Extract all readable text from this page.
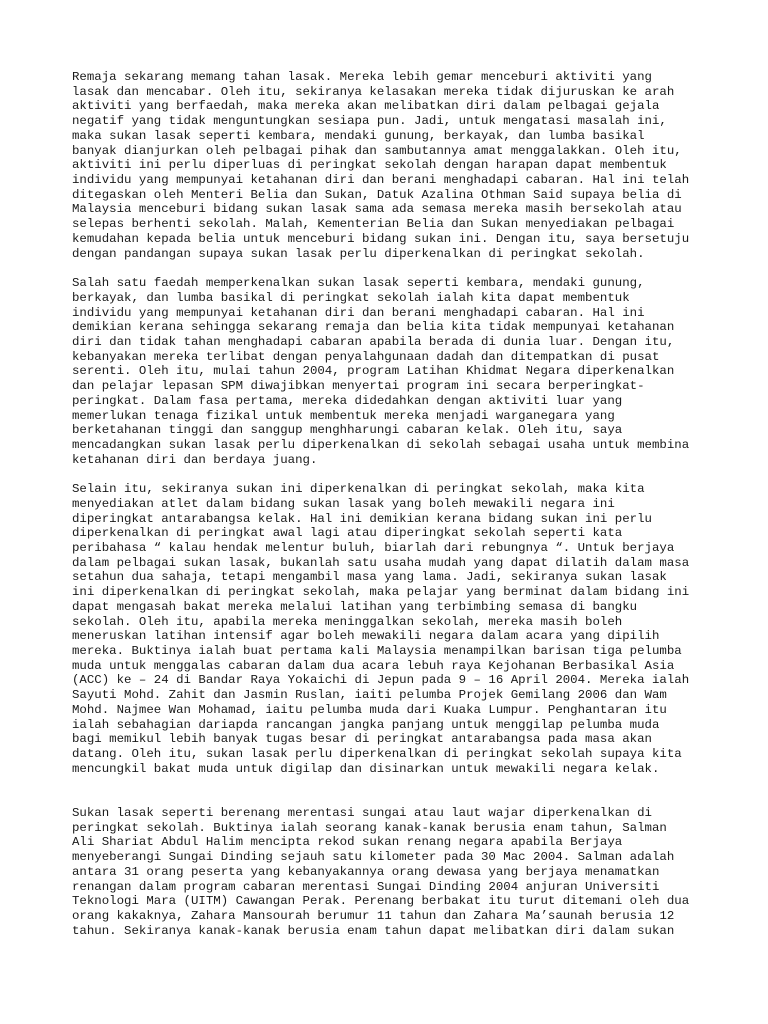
Remaja sekarang memang tahan lasak. Mereka lebih gemar menceburi aktiviti yang
lasak dan mencabar. Oleh itu, sekiranya kelasakan mereka tidak dijuruskan ke arah
aktiviti yang berfaedah, maka mereka akan melibatkan diri dalam pelbagai gejala
negatif yang tidak menguntungkan sesiapa pun. Jadi, untuk mengatasi masalah ini,
maka sukan lasak seperti kembara, mendaki gunung, berkayak, dan lumba basikal
banyak dianjurkan oleh pelbagai pihak dan sambutannya amat menggalakkan. Oleh itu,
aktiviti ini perlu diperluas di peringkat sekolah dengan harapan dapat membentuk
individu yang mempunyai ketahanan diri dan berani menghadapi cabaran. Hal ini telah
ditegaskan oleh Menteri Belia dan Sukan, Datuk Azalina Othman Said supaya belia di
Malaysia menceburi bidang sukan lasak sama ada semasa mereka masih bersekolah atau
selepas berhenti sekolah. Malah, Kementerian Belia dan Sukan menyediakan pelbagai
kemudahan kepada belia untuk menceburi bidang sukan ini. Dengan itu, saya bersetuju
dengan pandangan supaya sukan lasak perlu diperkenalkan di peringkat sekolah.

Salah satu faedah memperkenalkan sukan lasak seperti kembara, mendaki gunung,
berkayak, dan lumba basikal di peringkat sekolah ialah kita dapat membentuk
individu yang mempunyai ketahanan diri dan berani menghadapi cabaran. Hal ini
demikian kerana sehingga sekarang remaja dan belia kita tidak mempunyai ketahanan
diri dan tidak tahan menghadapi cabaran apabila berada di dunia luar. Dengan itu,
kebanyakan mereka terlibat dengan penyalahgunaan dadah dan ditempatkan di pusat
serenti. Oleh itu, mulai tahun 2004, program Latihan Khidmat Negara diperkenalkan
dan pelajar lepasan SPM diwajibkan menyertai program ini secara berperingkat-
peringkat. Dalam fasa pertama, mereka didedahkan dengan aktiviti luar yang
memerlukan tenaga fizikal untuk membentuk mereka menjadi warganegara yang
berketahanan tinggi dan sanggup menghharungi cabaran kelak. Oleh itu, saya
mencadangkan sukan lasak perlu diperkenalkan di sekolah sebagai usaha untuk membina
ketahanan diri dan berdaya juang.

Selain itu, sekiranya sukan ini diperkenalkan di peringkat sekolah, maka kita
menyediakan atlet dalam bidang sukan lasak yang boleh mewakili negara ini
diperingkat antarabangsa kelak. Hal ini demikian kerana bidang sukan ini perlu
diperkenalkan di peringkat awal lagi atau diperingkat sekolah seperti kata
peribahasa “ kalau hendak melentur buluh, biarlah dari rebungnya “. Untuk berjaya
dalam pelbagai sukan lasak, bukanlah satu usaha mudah yang dapat dilatih dalam masa
setahun dua sahaja, tetapi mengambil masa yang lama. Jadi, sekiranya sukan lasak
ini diperkenalkan di peringkat sekolah, maka pelajar yang berminat dalam bidang ini
dapat mengasah bakat mereka melalui latihan yang terbimbing semasa di bangku
sekolah. Oleh itu, apabila mereka meninggalkan sekolah, mereka masih boleh
meneruskan latihan intensif agar boleh mewakili negara dalam acara yang dipilih
mereka. Buktinya ialah buat pertama kali Malaysia menampilkan barisan tiga pelumba
muda untuk menggalas cabaran dalam dua acara lebuh raya Kejohanan Berbasikal Asia
(ACC) ke – 24 di Bandar Raya Yokaichi di Jepun pada 9 – 16 April 2004. Mereka ialah
Sayuti Mohd. Zahit dan Jasmin Ruslan, iaiti pelumba Projek Gemilang 2006 dan Wam
Mohd. Najmee Wan Mohamad, iaitu pelumba muda dari Kuaka Lumpur. Penghantaran itu
ialah sebahagian dariapda rancangan jangka panjang untuk menggilap pelumba muda
bagi memikul lebih banyak tugas besar di peringkat antarabangsa pada masa akan
datang. Oleh itu, sukan lasak perlu diperkenalkan di peringkat sekolah supaya kita
mencungkil bakat muda untuk digilap dan disinarkan untuk mewakili negara kelak.

Sukan lasak seperti berenang merentasi sungai atau laut wajar diperkenalkan di
peringkat sekolah. Buktinya ialah seorang kanak-kanak berusia enam tahun, Salman
Ali Shariat Abdul Halim mencipta rekod sukan renang negara apabila Berjaya
menyeberangi Sungai Dinding sejauh satu kilometer pada 30 Mac 2004. Salman adalah
antara 31 orang peserta yang kebanyakannya orang dewasa yang berjaya menamatkan
renangan dalam program cabaran merentasi Sungai Dinding 2004 anjuran Universiti
Teknologi Mara (UITM) Cawangan Perak. Perenang berbakat itu turut ditemani oleh dua
orang kakaknya, Zahara Mansourah berumur 11 tahun dan Zahara Ma’saunah berusia 12
tahun. Sekiranya kanak-kanak berusia enam tahun dapat melibatkan diri dalam sukan
